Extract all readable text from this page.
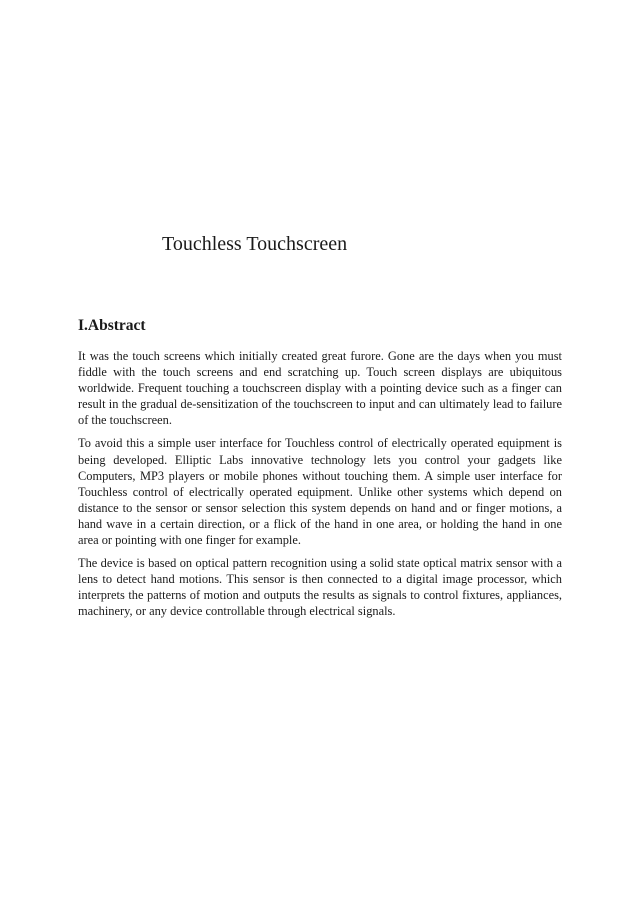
Touchless Touchscreen
I.Abstract

It was the touch screens which initially created great furore. Gone are the days when you must fiddle with the touch screens and end scratching up. Touch screen displays are ubiquitous worldwide. Frequent touching a touchscreen display with a pointing device such as a finger can result in the gradual de-sensitization of the touchscreen to input and can ultimately lead to failure of the touchscreen.

To avoid this a simple user interface for Touchless control of electrically operated equipment is being developed. Elliptic Labs innovative technology lets you control your gadgets like Computers, MP3 players or mobile phones without touching them. A simple user interface for Touchless control of electrically operated equipment. Unlike other systems which depend on distance to the sensor or sensor selection this system depends on hand and or finger motions, a hand wave in a certain direction, or a flick of the hand in one area, or holding the hand in one area or pointing with one finger for example.

The device is based on optical pattern recognition using a solid state optical matrix sensor with a lens to detect hand motions. This sensor is then connected to a digital image processor, which interprets the patterns of motion and outputs the results as signals to control fixtures, appliances, machinery, or any device controllable through electrical signals.
